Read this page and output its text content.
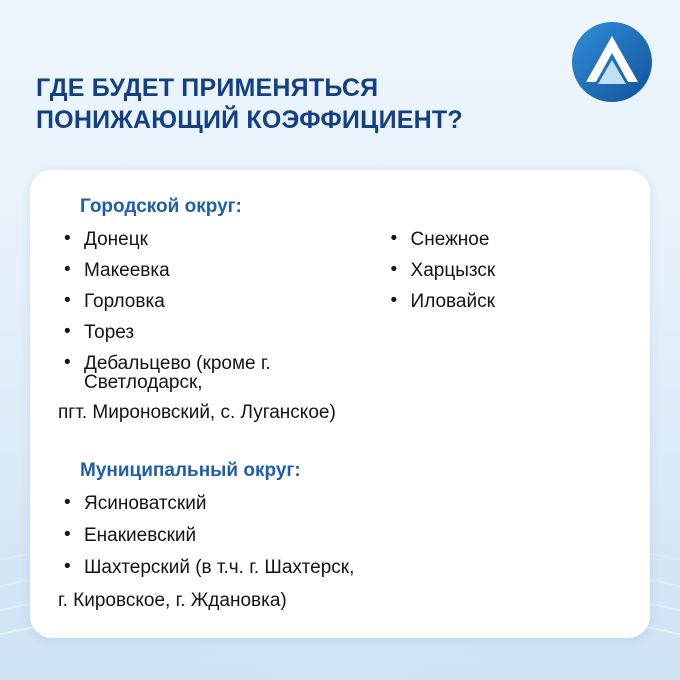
ГДЕ БУДЕТ ПРИМЕНЯТЬСЯ
ПОНИЖАЮЩИЙ КОЭФФИЦИЕНТ?
Городской округ:
• Донецк
• Макеевка
• Горловка
• Торез
• Дебальцево (кроме г. Светлодарск,
пгт. Мироновский, с. Луганское)
• Снежное
• Харцызск
• Иловайск
Муниципальный округ:
• Ясиноватский
• Енакиевский
• Шахтерский (в т.ч. г. Шахтерск,
г. Кировское, г. Ждановка)
